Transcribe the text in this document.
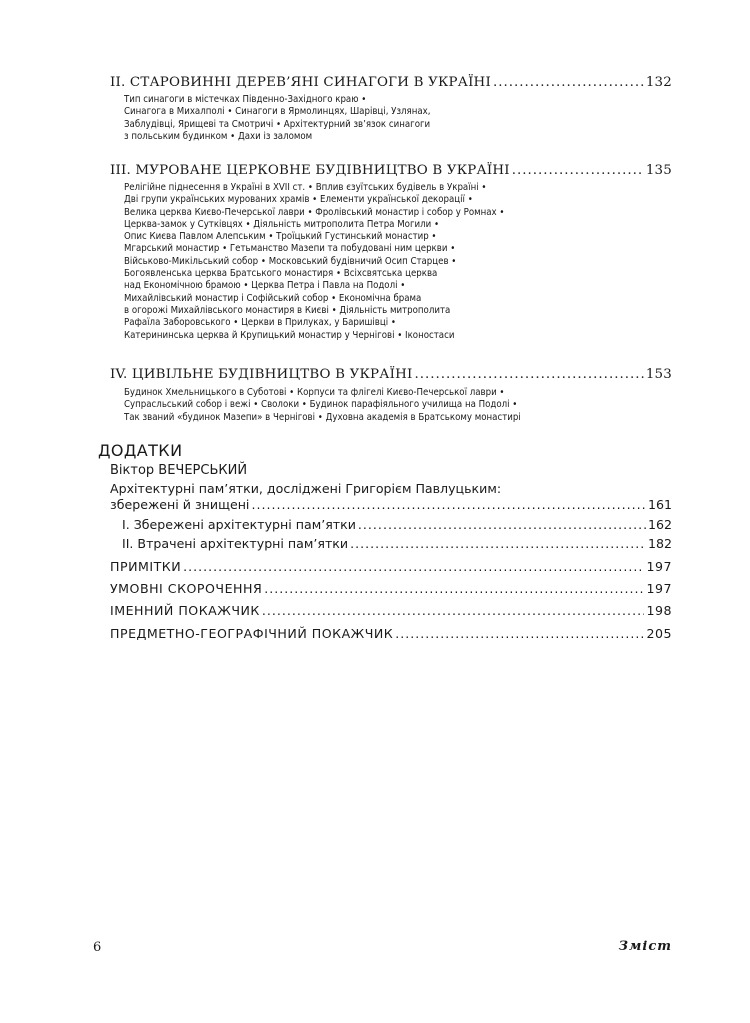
II. СТАРОВИННІ ДЕРЕВ’ЯНІ СИНАГОГИ В УКРАЇНІ .....	132
Тип синагоги в містечках Південно-Західного краю •
Синагога в Михалполі • Синагоги в Ярмолинцях, Шарівці, Узлянах,
Заблудівці, Ярищеві та Смотричі • Архітектурний зв’язок синагоги
з польським будинком • Дахи із заломом
III. МУРОВАНЕ ЦЕРКОВНЕ БУДІВНИЦТВО В УКРАЇНІ .....	135
Релігійне піднесення в Україні в XVII ст. • Вплив єзуїтських будівель в Україні •
Дві групи українських мурованих храмів • Елементи української декорації •
Велика церква Києво-Печерської лаври • Фролівський монастир і собор у Ромнах •
Церква-замок у Сутківцях • Діяльність митрополита Петра Могили •
Опис Києва Павлом Алепським • Троїцький Густинський монастир •
Мгарський монастир • Гетьманство Мазепи та побудовані ним церкви •
Військово-Микільський собор • Московський будівничий Осип Старцев •
Богоявленська церква Братського монастиря • Всіхсвятська церква
над Економічною брамою • Церква Петра і Павла на Подолі •
Михайлівський монастир і Софійський собор • Економічна брама
в огорожі Михайлівського монастиря в Києві • Діяльність митрополита
Рафаїла Заборовського • Церкви в Прилуках, у Баришівці •
Катерининська церква й Крупицький монастир у Чернігові • Іконостаси
IV. ЦИВІЛЬНЕ БУДІВНИЦТВО В УКРАЇНІ .....	153
Будинок Хмельницького в Суботові • Корпуси та флігелі Києво-Печерської лаври •
Супрасльський собор і вежі • Сволоки • Будинок парафіяльного училища на Подолі •
Так званий «будинок Мазепи» в Чернігові • Духовна академія в Братському монастирі
ДОДАТКИ
Віктор ВЕЧЕРСЬКИЙ
Архітектурні пам’ятки, досліджені Григорієм Павлуцьким:
збережені й знищені .....	161
I. Збережені архітектурні пам’ятки .....	162
II. Втрачені архітектурні пам’ятки .....	182
ПРИМІТКИ .....	197
УМОВНІ СКОРОЧЕННЯ .....	197
ІМЕННИЙ ПОКАЖЧИК .....	198
ПРЕДМЕТНО-ГЕОГРАФІЧНИЙ ПОКАЖЧИК .....	205
6	Зміст
